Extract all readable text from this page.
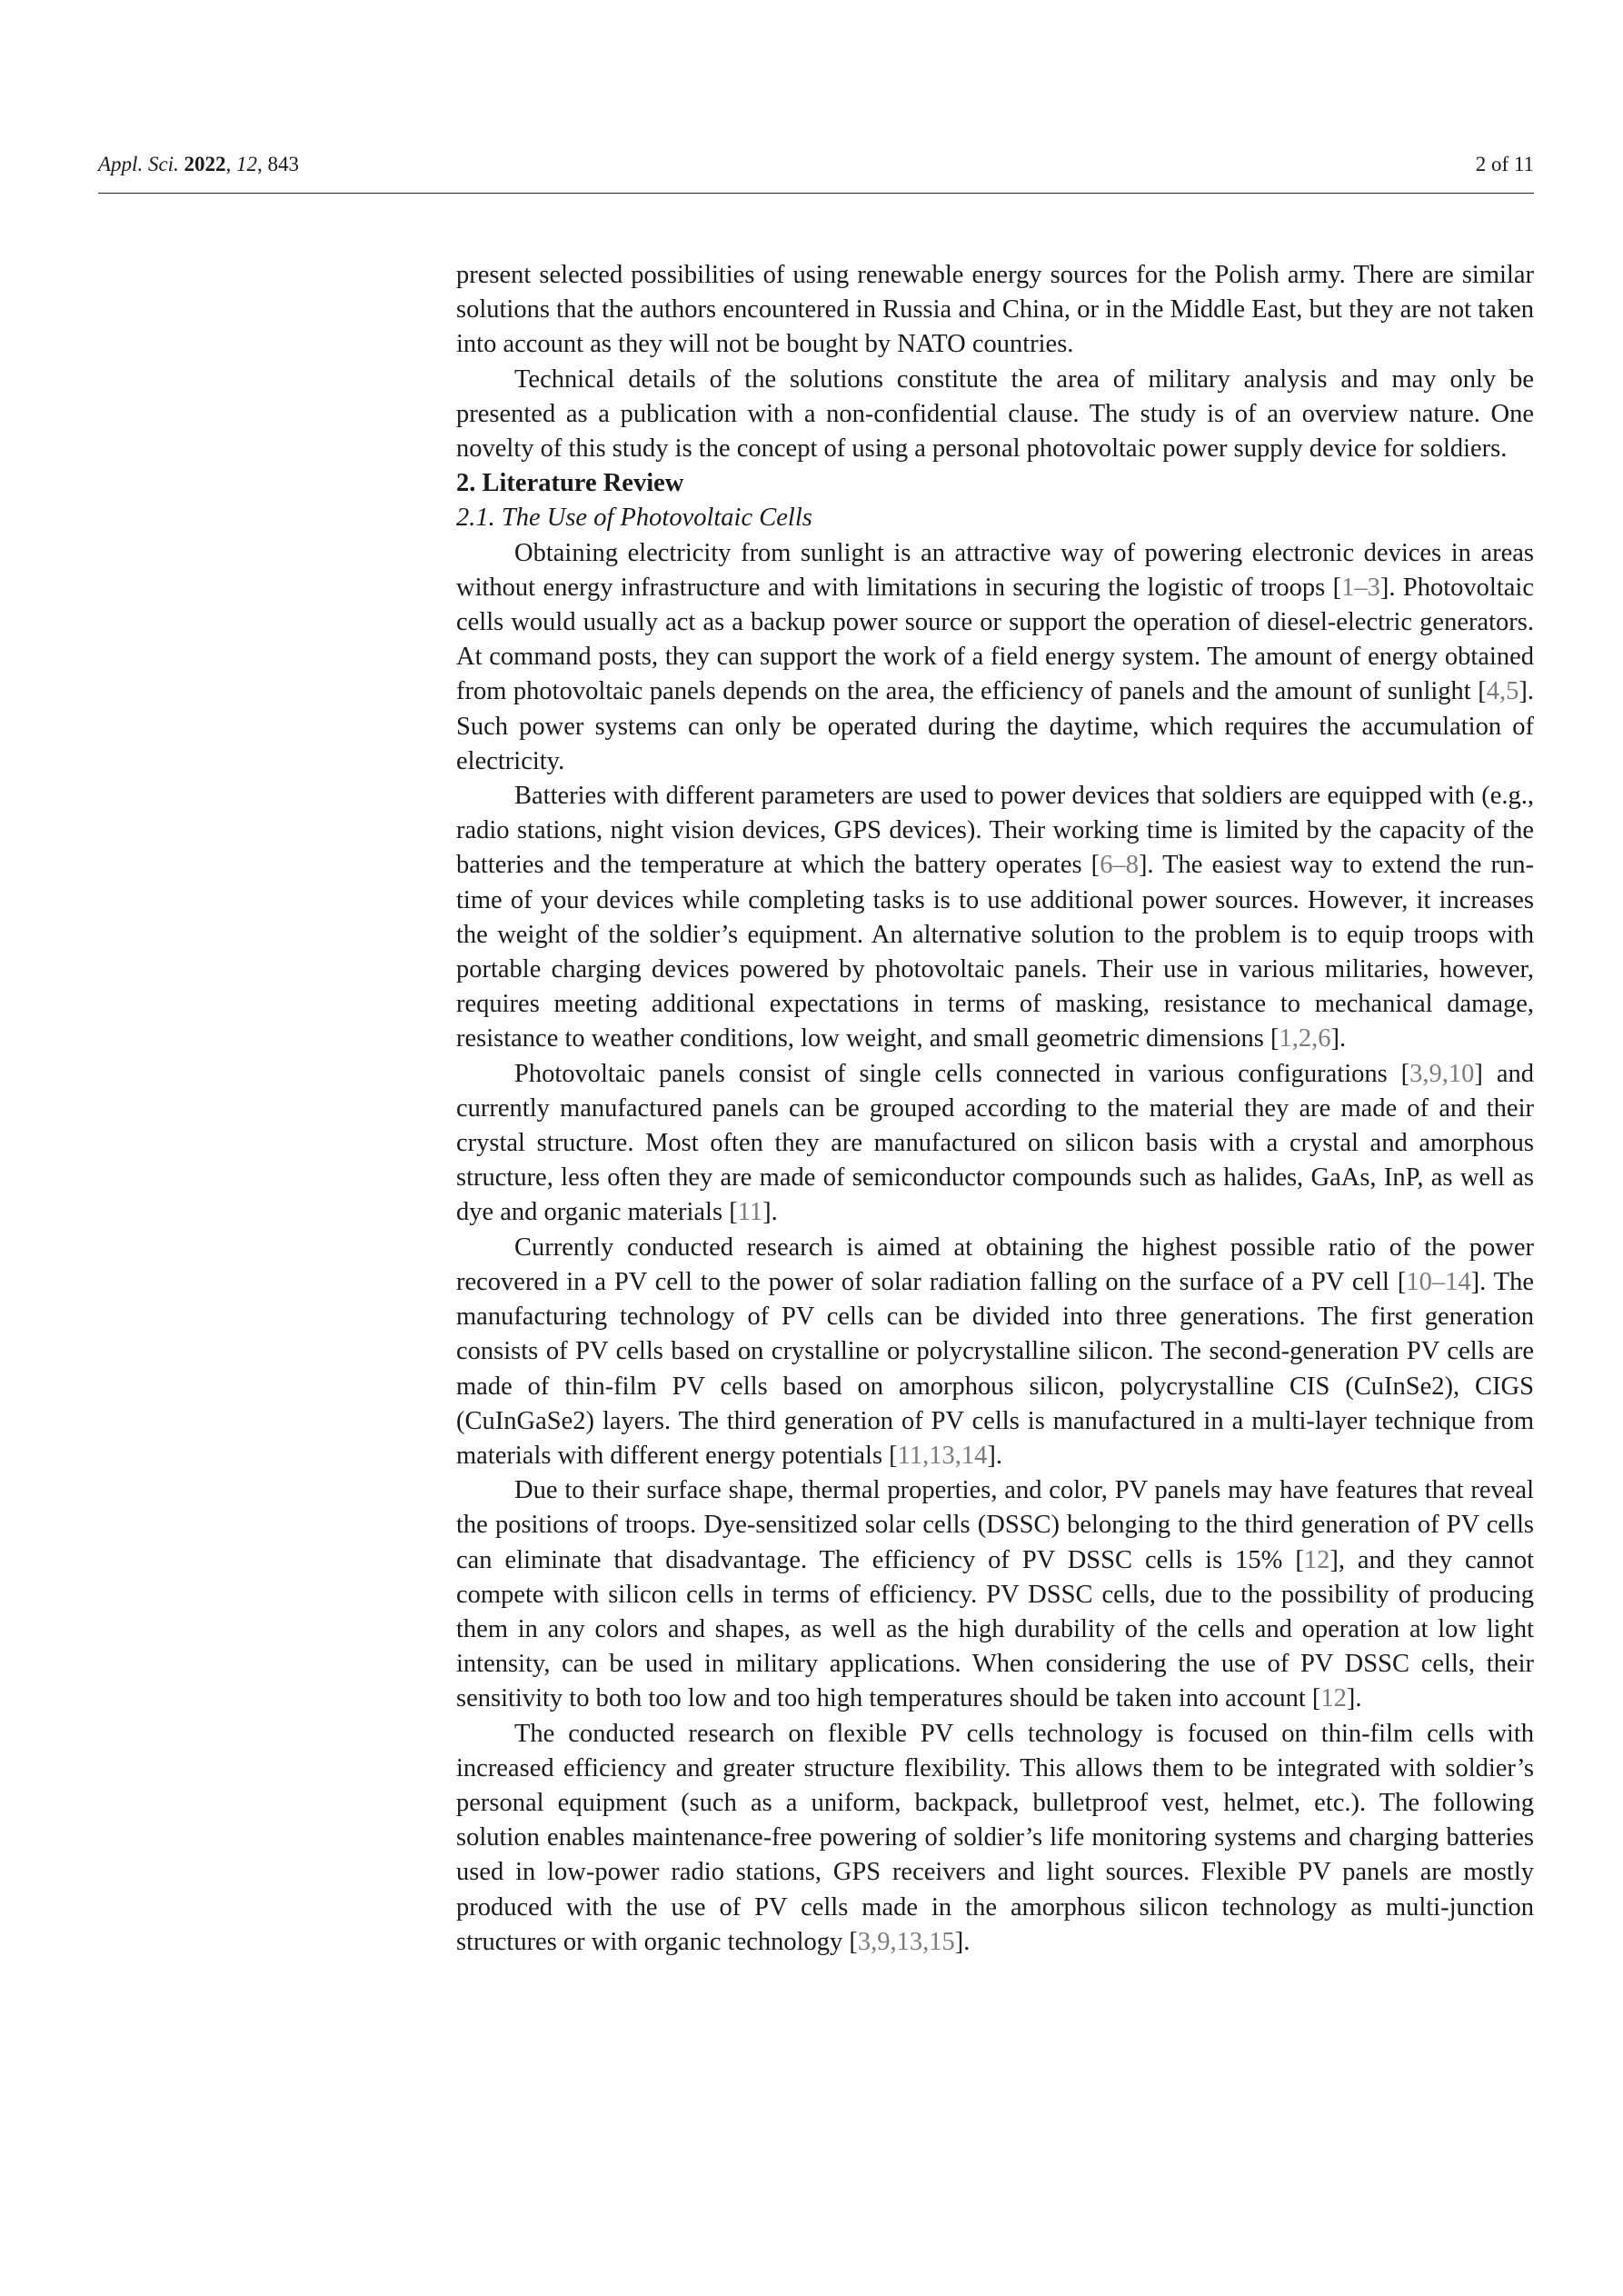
Appl. Sci. 2022, 12, 843	2 of 11

present selected possibilities of using renewable energy sources for the Polish army. There are similar solutions that the authors encountered in Russia and China, or in the Middle East, but they are not taken into account as they will not be bought by NATO countries.

Technical details of the solutions constitute the area of military analysis and may only be presented as a publication with a non-confidential clause. The study is of an overview nature. One novelty of this study is the concept of using a personal photovoltaic power supply device for soldiers.

2. Literature Review

2.1. The Use of Photovoltaic Cells

Obtaining electricity from sunlight is an attractive way of powering electronic devices in areas without energy infrastructure and with limitations in securing the logistic of troops [1–3]. Photovoltaic cells would usually act as a backup power source or support the operation of diesel-electric generators. At command posts, they can support the work of a field energy system. The amount of energy obtained from photovoltaic panels depends on the area, the efficiency of panels and the amount of sunlight [4,5]. Such power systems can only be operated during the daytime, which requires the accumulation of electricity.

Batteries with different parameters are used to power devices that soldiers are equipped with (e.g., radio stations, night vision devices, GPS devices). Their working time is limited by the capacity of the batteries and the temperature at which the battery operates [6–8]. The easiest way to extend the run-time of your devices while completing tasks is to use additional power sources. However, it increases the weight of the soldier’s equipment. An alternative solution to the problem is to equip troops with portable charging devices powered by photovoltaic panels. Their use in various militaries, however, requires meeting additional expectations in terms of masking, resistance to mechanical damage, resistance to weather conditions, low weight, and small geometric dimensions [1,2,6].

Photovoltaic panels consist of single cells connected in various configurations [3,9,10] and currently manufactured panels can be grouped according to the material they are made of and their crystal structure. Most often they are manufactured on silicon basis with a crystal and amorphous structure, less often they are made of semiconductor compounds such as halides, GaAs, InP, as well as dye and organic materials [11].

Currently conducted research is aimed at obtaining the highest possible ratio of the power recovered in a PV cell to the power of solar radiation falling on the surface of a PV cell [10–14]. The manufacturing technology of PV cells can be divided into three generations. The first generation consists of PV cells based on crystalline or polycrystalline silicon. The second-generation PV cells are made of thin-film PV cells based on amorphous silicon, polycrystalline CIS (CuInSe2), CIGS (CuInGaSe2) layers. The third generation of PV cells is manufactured in a multi-layer technique from materials with different energy potentials [11,13,14].

Due to their surface shape, thermal properties, and color, PV panels may have features that reveal the positions of troops. Dye-sensitized solar cells (DSSC) belonging to the third generation of PV cells can eliminate that disadvantage. The efficiency of PV DSSC cells is 15% [12], and they cannot compete with silicon cells in terms of efficiency. PV DSSC cells, due to the possibility of producing them in any colors and shapes, as well as the high durability of the cells and operation at low light intensity, can be used in military applications. When considering the use of PV DSSC cells, their sensitivity to both too low and too high temperatures should be taken into account [12].

The conducted research on flexible PV cells technology is focused on thin-film cells with increased efficiency and greater structure flexibility. This allows them to be integrated with soldier’s personal equipment (such as a uniform, backpack, bulletproof vest, helmet, etc.). The following solution enables maintenance-free powering of soldier’s life monitoring systems and charging batteries used in low-power radio stations, GPS receivers and light sources. Flexible PV panels are mostly produced with the use of PV cells made in the amorphous silicon technology as multi-junction structures or with organic technology [3,9,13,15].
